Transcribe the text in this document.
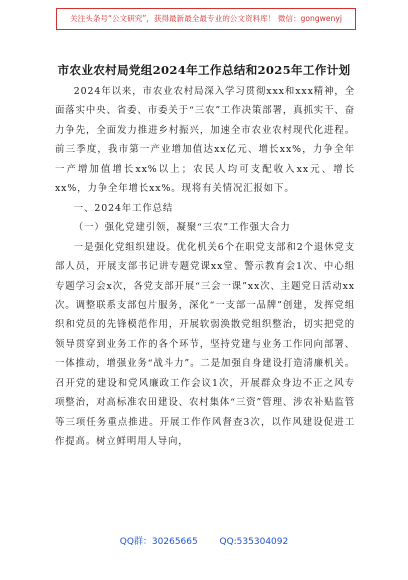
关注头条号“公文研究”，获得最新最全最专业的公文资料库！ 微信：gongwenyj
市农业农村局党组2024年工作总结和2025年工作计划

2024年以来，市农业农村局深入学习贯彻xxx和xxx精神，全面落实中央、省委、市委关于“三农”工作决策部署，真抓实干、奋力争先，全面发力推进乡村振兴，加速全市农业农村现代化进程。前三季度，我市第一产业增加值达xx亿元、增长xx%，力争全年一产增加值增长xx%以上；农民人均可支配收入xx元、增长xx%，力争全年增长xx%。现将有关情况汇报如下。

一、2024年工作总结

（一）强化党建引领，凝聚“三农”工作强大合力

一是强化党组织建设。优化机关6个在职党支部和2个退休党支部人员，开展支部书记讲专题党课xx堂、警示教育会1次、中心组专题学习会x次，各党支部开展“三会一课”xx次、主题党日活动xx次。调整联系支部包片服务，深化“一支部一品牌”创建，发挥党组织和党员的先锋模范作用，开展软弱涣散党组织整治，切实把党的领导贯穿到业务工作的各个环节，坚持党建与业务工作同向部署、一体推动，增强业务“战斗力”。二是加强自身建设打造清廉机关。召开党的建设和党风廉政工作会议1次，开展群众身边不正之风专项整治，对高标准农田建设、农村集体“三资”管理、涉农补贴监管等三项任务重点推进。开展工作作风督查3次，以作风建设促进工作提高。树立鲜明用人导向，

QQ群：30265665 QQ:535304092
